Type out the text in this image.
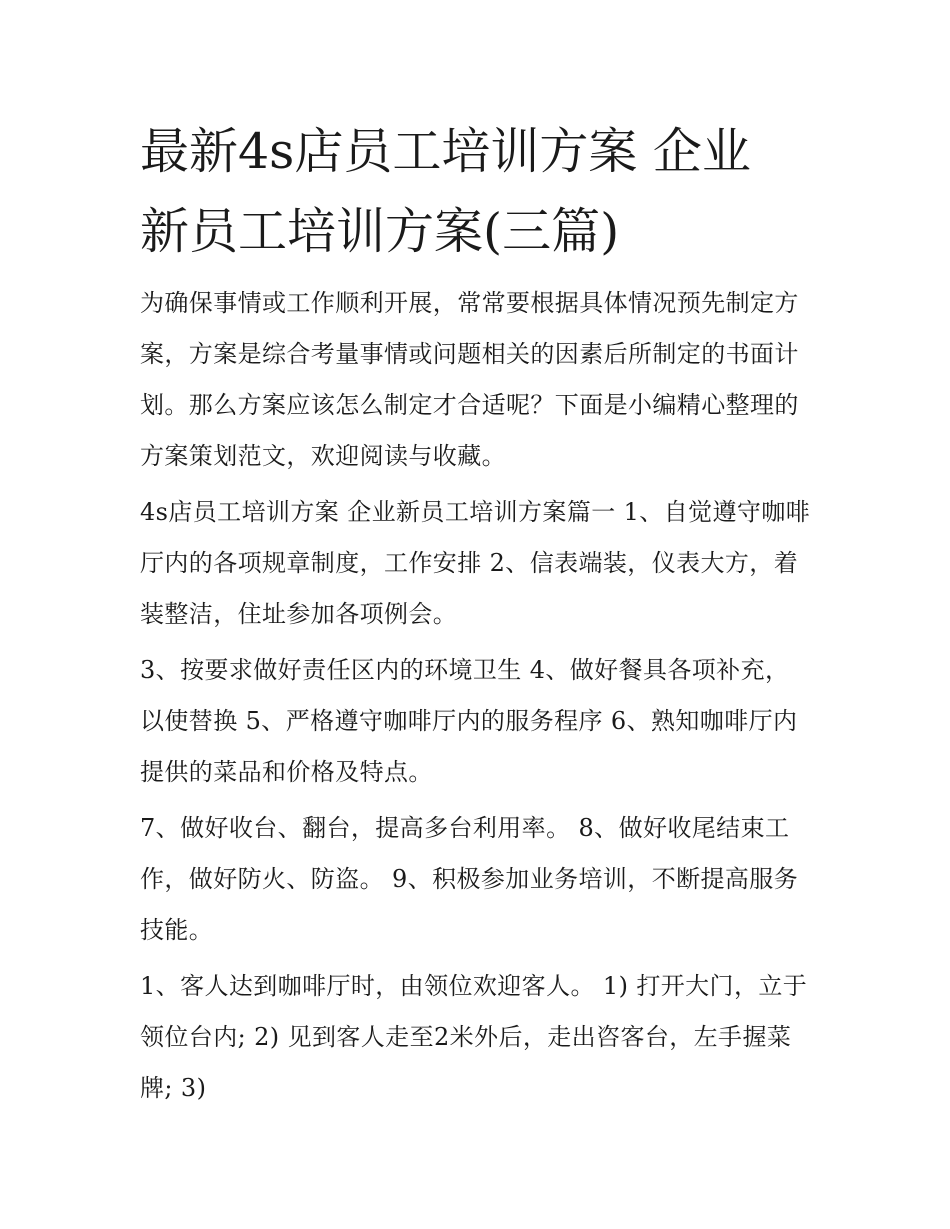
最新4s店员工培训方案 企业
新员工培训方案(三篇)

为确保事情或工作顺利开展，常常要根据具体情况预先制定方
案，方案是综合考量事情或问题相关的因素后所制定的书面计
划。那么方案应该怎么制定才合适呢？下面是小编精心整理的
方案策划范文，欢迎阅读与收藏。

4s店员工培训方案 企业新员工培训方案篇一 1、自觉遵守咖啡
厅内的各项规章制度，工作安排 2、信表端装，仪表大方，着
装整洁，住址参加各项例会。

3、按要求做好责任区内的环境卫生 4、做好餐具各项补充，
以使替换 5、严格遵守咖啡厅内的服务程序 6、熟知咖啡厅内
提供的菜品和价格及特点。

7、做好收台、翻台，提高多台利用率。 8、做好收尾结束工
作，做好防火、防盗。 9、积极参加业务培训，不断提高服务
技能。

1、客人达到咖啡厅时，由领位欢迎客人。 1) 打开大门，立于
领位台内; 2) 见到客人走至2米外后，走出咨客台，左手握菜
牌; 3)
